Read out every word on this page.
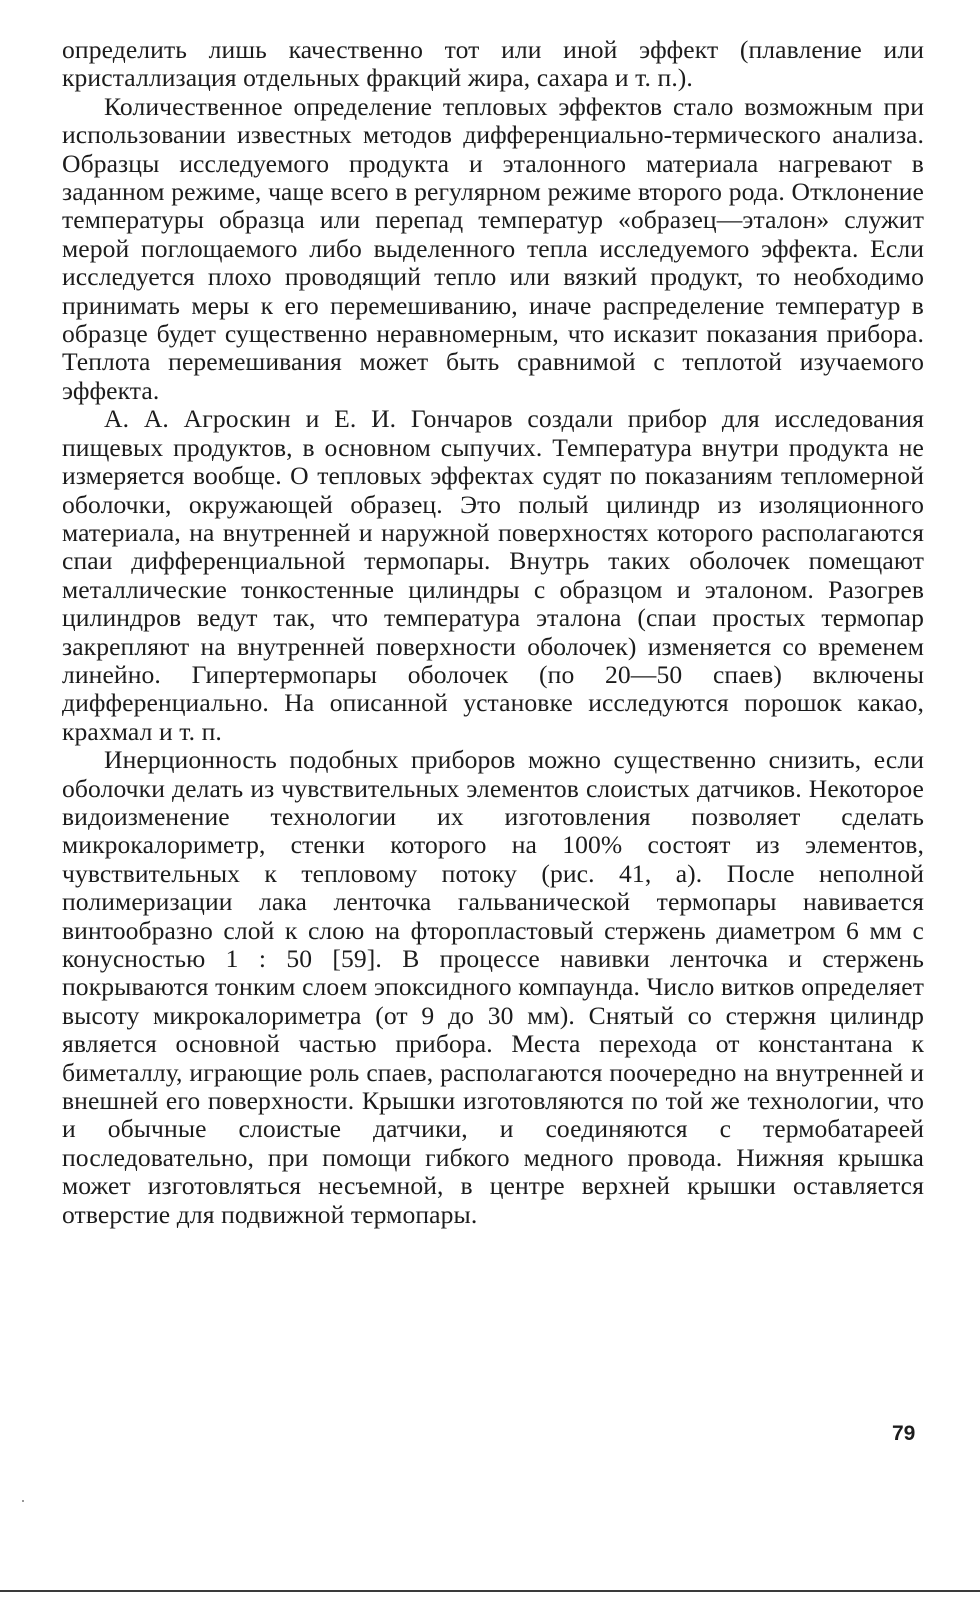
определить лишь качественно тот или иной эффект (плавление или кристаллизация отдельных фракций жира, сахара и т. п.).

Количественное определение тепловых эффектов стало возможным при использовании известных методов дифференциально-термического анализа. Образцы исследуемого продукта и эталонного материала нагревают в заданном режиме, чаще всего в регулярном режиме второго рода. Отклонение температуры образца или перепад температур «образец—эталон» служит мерой поглощаемого либо выделенного тепла исследуемого эффекта. Если исследуется плохо проводящий тепло или вязкий продукт, то необходимо принимать меры к его перемешиванию, иначе распределение температур в образце будет существенно неравномерным, что исказит показания прибора. Теплота перемешивания может быть сравнимой с теплотой изучаемого эффекта.

А. А. Агроскин и Е. И. Гончаров создали прибор для исследования пищевых продуктов, в основном сыпучих. Температура внутри продукта не измеряется вообще. О тепловых эффектах судят по показаниям тепломерной оболочки, окружающей образец. Это полый цилиндр из изоляционного материала, на внутренней и наружной поверхностях которого располагаются спаи дифференциальной термопары. Внутрь таких оболочек помещают металлические тонкостенные цилиндры с образцом и эталоном. Разогрев цилиндров ведут так, что температура эталона (спаи простых термопар закрепляют на внутренней поверхности оболочек) изменяется со временем линейно. Гипертермопары оболочек (по 20—50 спаев) включены дифференциально. На описанной установке исследуются порошок какао, крахмал и т. п.

Инерционность подобных приборов можно существенно снизить, если оболочки делать из чувствительных элементов слоистых датчиков. Некоторое видоизменение технологии их изготовления позволяет сделать микрокалориметр, стенки которого на 100% состоят из элементов, чувствительных к тепловому потоку (рис. 41, а). После неполной полимеризации лака ленточка гальванической термопары навивается винтообразно слой к слою на фторопластовый стержень диаметром 6 мм с конусностью 1 : 50 [59]. В процессе навивки ленточка и стержень покрываются тонким слоем эпоксидного компаунда. Число витков определяет высоту микрокалориметра (от 9 до 30 мм). Снятый со стержня цилиндр является основной частью прибора. Места перехода от константана к биметаллу, играющие роль спаев, располагаются поочередно на внутренней и внешней его поверхности. Крышки изготовляются по той же технологии, что и обычные слоистые датчики, и соединяются с термобатареей последовательно, при помощи гибкого медного провода. Нижняя крышка может изготовляться несъемной, в центре верхней крышки оставляется отверстие для подвижной термопары.

79
